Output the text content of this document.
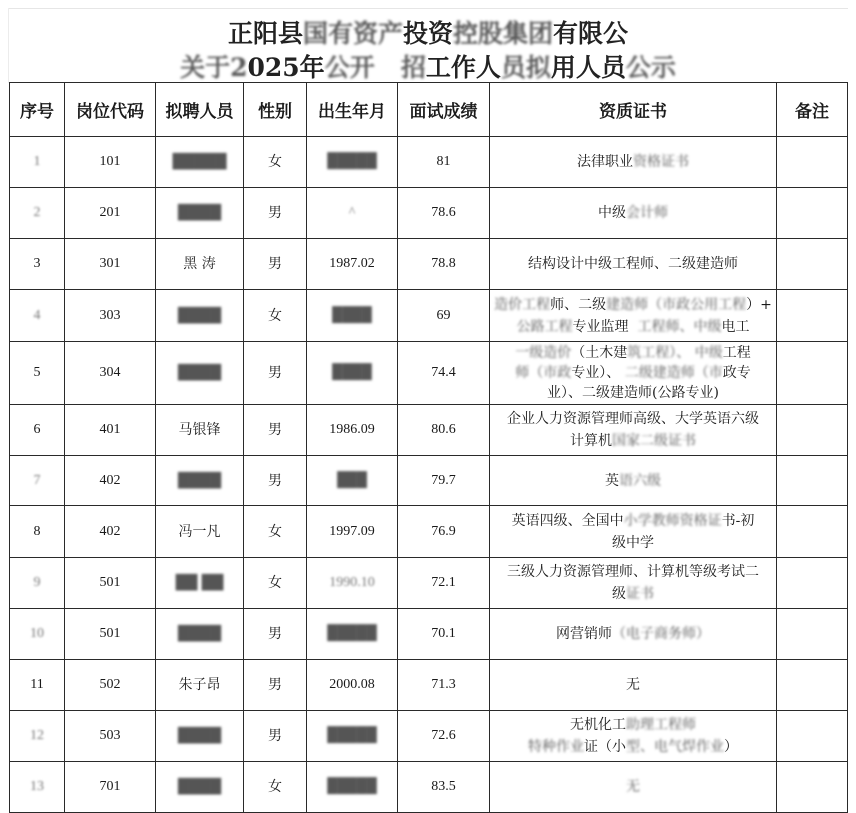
正阳县国有资产投资控股集团有限公
关于2025年公开 招工作人员拟用人员公示
序号	岗位代码	拟聘人员	性别	出生年月	面试成绩	资质证书	备注
1	101	█████	女	█████	81	法律职业资格证书	
2	201	████	男	^	78.6	中级会计师	
3	301	黑 涛	男	1987.02	78.8	结构设计中级工程师、二级建造师	
4	303	████	女	████	69	造价工程师、二级建造师（市政公用工程）+
公路工程专业监理 工程师、中级电工	

5	304	████	男	████	74.4	一级造价（土木建筑工程）、 中级工程
师（市政专业）、 二级建造师（市政专
业）、二级建造师(公路专业)	

6	401	马银锋	男	1986.09	80.6	企业人力资源管理师高级、大学英语六级
计算机国家二级证书	

7	402	████	男	███	79.7	英语六级	
8	402	冯一凡	女	1997.09	76.9	英语四级、全国中小学教师资格证书-初
级中学	

9	501	██ ██	女	1990.10	72.1	三级人力资源管理师、计算机等级考试二
级证书	

10	501	████	男	█████	70.1	网营销师（电子商务师）	
11	502	朱子昂	男	2000.08	71.3	无	
12	503	████	男	█████	72.6	无机化工助理工程师
特种作业证（小型、电气焊作业）	

13	701	████	女	█████	83.5	无	
